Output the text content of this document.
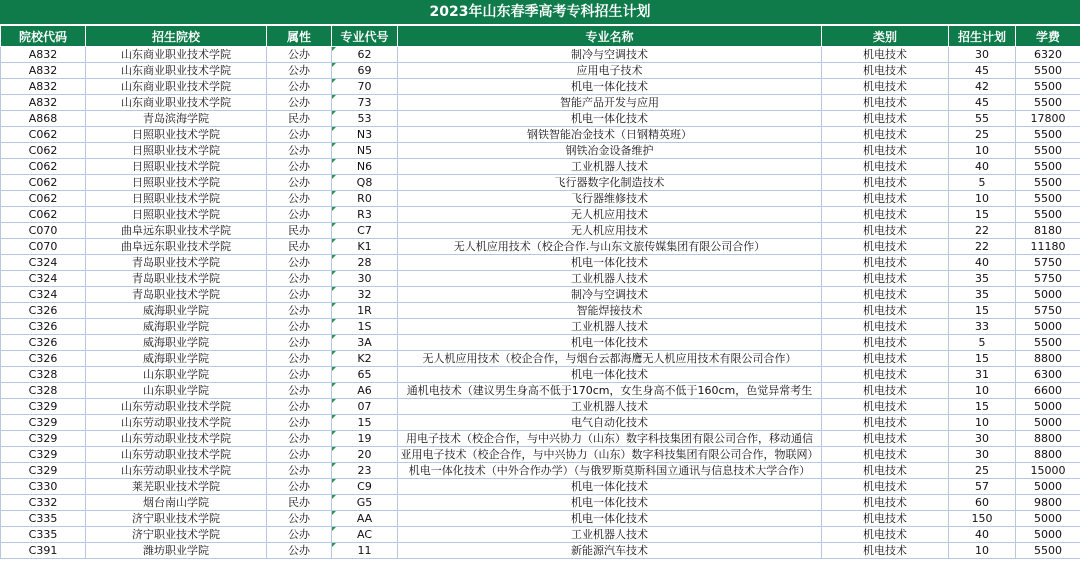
2023年山东春季高考专科招生计划
院校代码	招生院校	属性	专业代号	专业名称	类别	招生计划	学费
A832	山东商业职业技术学院	公办	62	制冷与空调技术	机电技术	30	6320
A832	山东商业职业技术学院	公办	69	应用电子技术	机电技术	45	5500
A832	山东商业职业技术学院	公办	70	机电一体化技术	机电技术	42	5500
A832	山东商业职业技术学院	公办	73	智能产品开发与应用	机电技术	45	5500
A868	青岛滨海学院	民办	53	机电一体化技术	机电技术	55	17800
C062	日照职业技术学院	公办	N3	钢铁智能冶金技术（日钢精英班）	机电技术	25	5500
C062	日照职业技术学院	公办	N5	钢铁冶金设备维护	机电技术	10	5500
C062	日照职业技术学院	公办	N6	工业机器人技术	机电技术	40	5500
C062	日照职业技术学院	公办	Q8	飞行器数字化制造技术	机电技术	5	5500
C062	日照职业技术学院	公办	R0	飞行器维修技术	机电技术	10	5500
C062	日照职业技术学院	公办	R3	无人机应用技术	机电技术	15	5500
C070	曲阜远东职业技术学院	民办	C7	无人机应用技术	机电技术	22	8180
C070	曲阜远东职业技术学院	民办	K1	无人机应用技术（校企合作.与山东文旅传媒集团有限公司合作）	机电技术	22	11180
C324	青岛职业技术学院	公办	28	机电一体化技术	机电技术	40	5750
C324	青岛职业技术学院	公办	30	工业机器人技术	机电技术	35	5750
C324	青岛职业技术学院	公办	32	制冷与空调技术	机电技术	35	5000
C326	威海职业学院	公办	1R	智能焊接技术	机电技术	15	5750
C326	威海职业学院	公办	1S	工业机器人技术	机电技术	33	5000
C326	威海职业学院	公办	3A	机电一体化技术	机电技术	5	5500
C326	威海职业学院	公办	K2	无人机应用技术（校企合作，与烟台云都海鹰无人机应用技术有限公司合作）	机电技术	15	8800
C328	山东职业学院	公办	65	机电一体化技术	机电技术	31	6300
C328	山东职业学院	公办	A6	通机电技术（建议男生身高不低于170cm，女生身高不低于160cm，色觉异常考生	机电技术	10	6600
C329	山东劳动职业技术学院	公办	07	工业机器人技术	机电技术	15	5000
C329	山东劳动职业技术学院	公办	15	电气自动化技术	机电技术	10	5000
C329	山东劳动职业技术学院	公办	19	用电子技术（校企合作，与中兴协力（山东）数字科技集团有限公司合作，移动通信	机电技术	30	8800
C329	山东劳动职业技术学院	公办	20	亚用电子技术（校企合作，与中兴协力（山东）数字科技集团有限公司合作，物联网）	机电技术	30	8800
C329	山东劳动职业技术学院	公办	23	机电一体化技术（中外合作办学）（与俄罗斯莫斯科国立通讯与信息技术大学合作）	机电技术	25	15000
C330	莱芜职业技术学院	公办	C9	机电一体化技术	机电技术	57	5000
C332	烟台南山学院	民办	G5	机电一体化技术	机电技术	60	9800
C335	济宁职业技术学院	公办	AA	机电一体化技术	机电技术	150	5000
C335	济宁职业技术学院	公办	AC	工业机器人技术	机电技术	40	5000
C391	潍坊职业学院	公办	11	新能源汽车技术	机电技术	10	5500
